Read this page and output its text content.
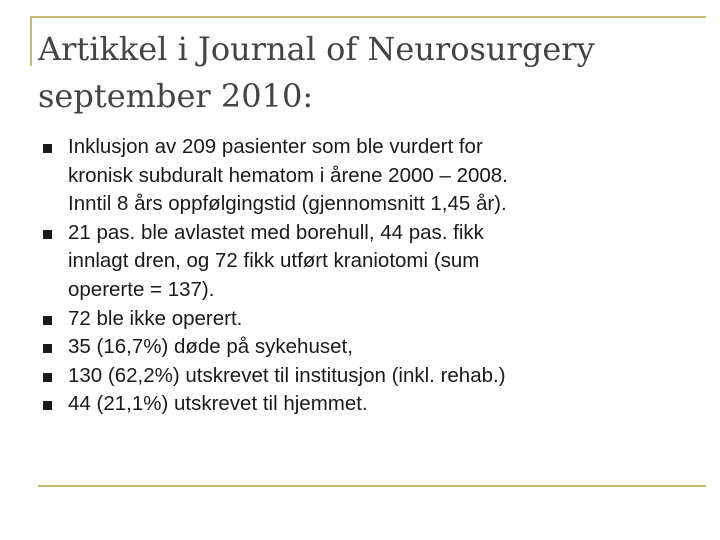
Artikkel i Journal of Neurosurgery
september 2010:
Inklusjon av 209 pasienter som ble vurdert for
kronisk subduralt hematom i årene 2000 – 2008.
Inntil 8 års oppfølgingstid (gjennomsnitt 1,45 år).
21 pas. ble avlastet med borehull, 44 pas. fikk
innlagt dren, og 72 fikk utført kraniotomi (sum
opererte = 137).
72 ble ikke operert.
35 (16,7%) døde på sykehuset,
130 (62,2%) utskrevet til institusjon (inkl. rehab.)
44 (21,1%) utskrevet til hjemmet.
